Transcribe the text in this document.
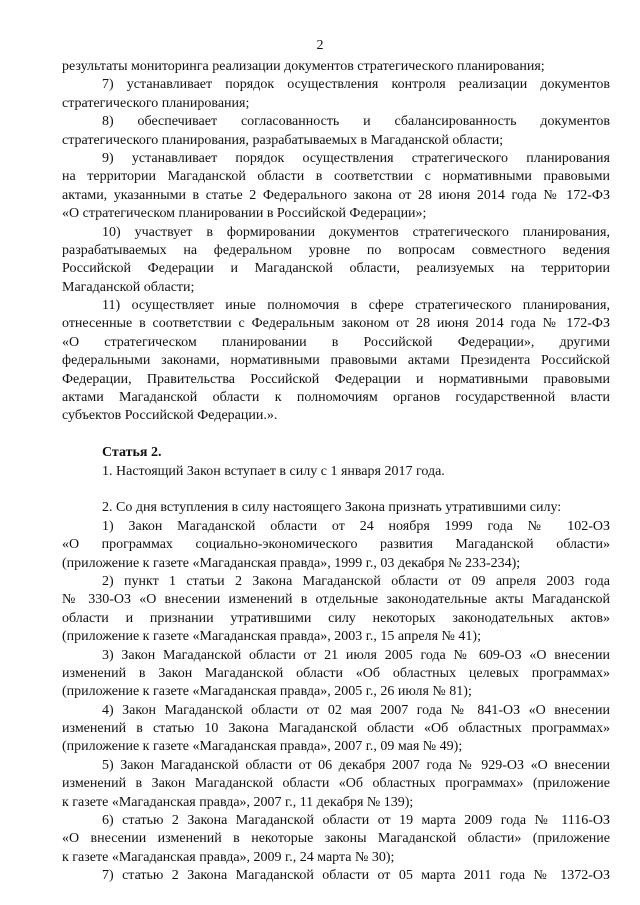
2
результаты мониторинга реализации документов стратегического планирования;
7) устанавливает порядок осуществления контроля реализации документов
стратегического планирования;
8) обеспечивает согласованность и сбалансированность документов
стратегического планирования, разрабатываемых в Магаданской области;
9) устанавливает порядок осуществления стратегического планирования
на территории Магаданской области в соответствии с нормативными правовыми
актами, указанными в статье 2 Федерального закона от 28 июня 2014 года № 172-ФЗ
«О стратегическом планировании в Российской Федерации»;
10) участвует в формировании документов стратегического планирования,
разрабатываемых на федеральном уровне по вопросам совместного ведения
Российской Федерации и Магаданской области, реализуемых на территории
Магаданской области;
11) осуществляет иные полномочия в сфере стратегического планирования,
отнесенные в соответствии с Федеральным законом от 28 июня 2014 года № 172-ФЗ
«О стратегическом планировании в Российской Федерации», другими
федеральными законами, нормативными правовыми актами Президента Российской
Федерации, Правительства Российской Федерации и нормативными правовыми
актами Магаданской области к полномочиям органов государственной власти
субъектов Российской Федерации.».
Статья 2.
1. Настоящий Закон вступает в силу с 1 января 2017 года.
2. Со дня вступления в силу настоящего Закона признать утратившими силу:
1) Закон Магаданской области от 24 ноября 1999 года № 102-ОЗ
«О программах социально-экономического развития Магаданской области»
(приложение к газете «Магаданская правда», 1999 г., 03 декабря № 233-234);
2) пункт 1 статьи 2 Закона Магаданской области от 09 апреля 2003 года
№ 330-ОЗ «О внесении изменений в отдельные законодательные акты Магаданской
области и признании утратившими силу некоторых законодательных актов»
(приложение к газете «Магаданская правда», 2003 г., 15 апреля № 41);
3) Закон Магаданской области от 21 июля 2005 года № 609-ОЗ «О внесении
изменений в Закон Магаданской области «Об областных целевых программах»
(приложение к газете «Магаданская правда», 2005 г., 26 июля № 81);
4) Закон Магаданской области от 02 мая 2007 года № 841-ОЗ «О внесении
изменений в статью 10 Закона Магаданской области «Об областных программах»
(приложение к газете «Магаданская правда», 2007 г., 09 мая № 49);
5) Закон Магаданской области от 06 декабря 2007 года № 929-ОЗ «О внесении
изменений в Закон Магаданской области «Об областных программах» (приложение
к газете «Магаданская правда», 2007 г., 11 декабря № 139);
6) статью 2 Закона Магаданской области от 19 марта 2009 года № 1116-ОЗ
«О внесении изменений в некоторые законы Магаданской области» (приложение
к газете «Магаданская правда», 2009 г., 24 марта № 30);
7) статью 2 Закона Магаданской области от 05 марта 2011 года № 1372-ОЗ
